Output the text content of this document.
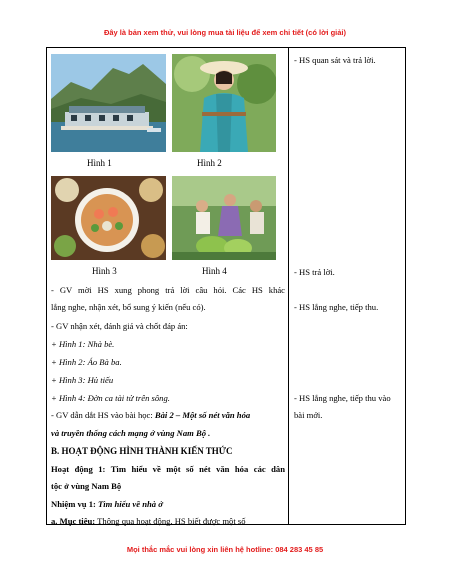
Đây là bản xem thử, vui lòng mua tài liệu để xem chi tiết (có lời giải)
Hình 1	Hình 2
Hình 3	Hình 4
- GV mời HS xung phong trả lời câu hỏi. Các HS khác
lắng nghe, nhận xét, bổ sung ý kiến (nếu có).
- GV nhận xét, đánh giá và chốt đáp án:
+ Hình 1: Nhà bè.
+ Hình 2: Áo Bà ba.
+ Hình 3: Hủ tiếu
+ Hình 4: Đờn ca tài tử trên sông.
- GV dẫn dắt HS vào bài học: Bài 2 – Một số nét văn hóa
và truyền thống cách mạng ở vùng Nam Bộ .
B. HOẠT ĐỘNG HÌNH THÀNH KIẾN THỨC
Hoạt động 1: Tìm hiểu về một số nét văn hóa các dân
tộc ở vùng Nam Bộ
Nhiệm vụ 1: Tìm hiểu về nhà ở
a. Mục tiêu: Thông qua hoạt động, HS biết được một số
- HS quan sát và trả lời.
- HS trả lời.
- HS lắng nghe, tiếp thu.
- HS lắng nghe, tiếp thu vào
bài mới.
Mọi thắc mắc vui lòng xin liên hệ hotline: 084 283 45 85
